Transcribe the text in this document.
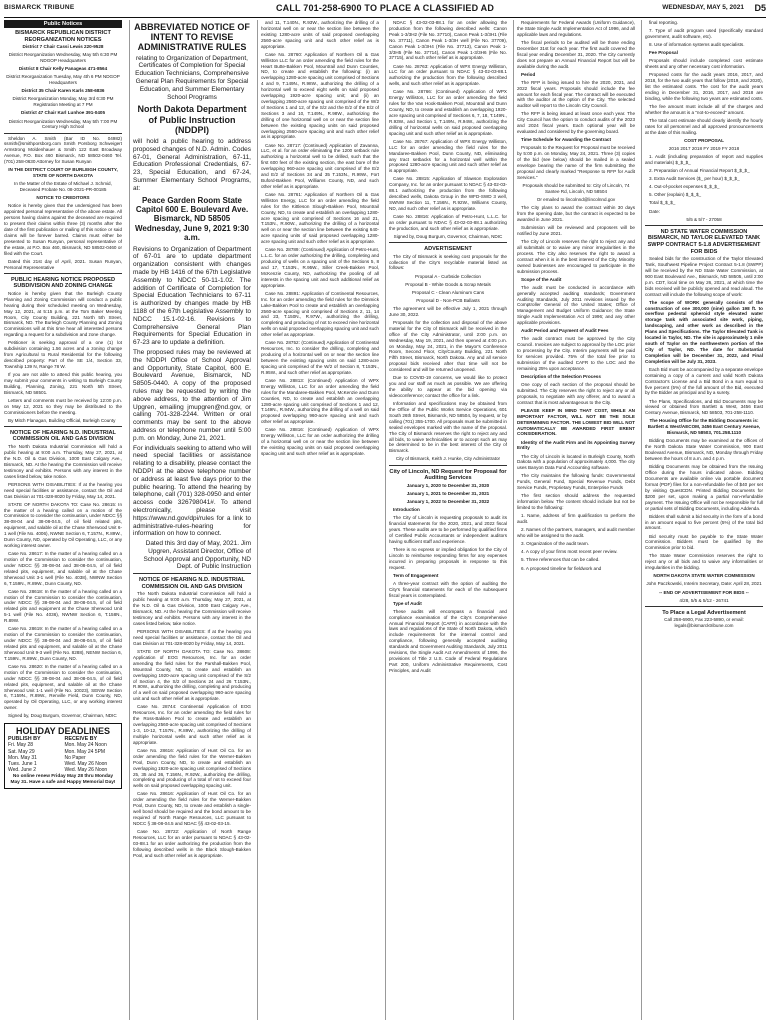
BISMARCK TRIBUNE	CALL 701-258-6900 TO PLACE A CLASSIFIED AD	WEDNESDAY, MAY 5, 2021 D5
Public Notices
BISMARCK REPUBLICAN DISTRICT REORGANIZATION NOTICES

District 7 Chair Cassi Lewis 220-9528

District Reorganization Wednesday, May 5th 6:30 PM NDGOP Headquarters

District 8 Chair Kelly Panageas 471-8564

District Reorganization Tuesday, May 4th 6 PM NDGOP Headquarters

District 35 Chair Karen Karls 258-6836

District Reorganization Monday, May 3rd 6:30 PM Registration Meeting at 7 PM

District 47 Chair Karl Lunhoe 391-0405

District Reorganization Wednesday, May 5th 7:00 PM Century High School

Sheldon A. Smith (Bar ID No. 04982) ssmith@smithporsborg.com Smith Porsborg Schweigert Armstrong Moldenhauer & Smith 122 East Broadway Avenue, P.O. Box 460 Bismarck, ND 58502-0460 Tel. (701) 258-0630 Attorney for Susan Runyan

IN THE DISTRICT COURT OF BURLEIGH COUNTY, STATE OF NORTH DAKOTA

In the Matter of the Estate of Michael J. Schmid, Deceased Probate No. 08-2021-PR-00185

NOTICE TO CREDITORS

Notice is hereby given that the undersigned has been appointed personal representative of the above estate. All persons having claims against the deceased are required to present their claims within three (3) months after the date of the first publication or mailing of this notice or said claims will be forever barred. Claims must either be presented to Susan Runyan, personal representative of the estate, at P.O. Box 460, Bismarck, ND 58502-0460 or filed with the Court.

Dated this 21st day of April, 2021. Susan Runyan, Personal Representative

PUBLIC HEARING NOTICE PROPOSED SUBDIVISION AND ZONING CHANGE

Notice is hereby given that the Burleigh County Planning and Zoning Commission will conduct a public hearing during their scheduled meeting on Wednesday, May 12, 2021, at 5:15 p.m. at the Tom Baker Meeting Room, City County Building, 221 North 5th Street, Bismarck, ND. The Burleigh County Planning and Zoning Commissions will at this time hear all interested persons regarding a request for a subdivision and zone change.

Petitioner is seeking approval of a one (1) lot subdivision containing 1.56 acres and a zoning change from Agricultural to Rural Residential for the following described property: Part of the SE 1/4, Section 33, Township 139 N, Range 78 W.

If you are not able to attend this public hearing, you may submit your comments in writing to Burleigh County Building, Planning, Zoning, 221 North 5th Street, Bismarck, ND 58501.

Letters and comments must be received by 12:00 p.m. on May 12, 2021 so they may be distributed to the Commissioners before the meeting.

By Mitch Flanagan, Building Official, Burleigh County

NOTICE OF HEARING N.D. INDUSTRIAL COMMISSION OIL AND GAS DIVISION

The North Dakota Industrial Commission will hold a public hearing at 9:00 a.m. Thursday, May 27, 2021, at the N.D. Oil & Gas Division, 1000 East Calgary Ave., Bismarck, ND. At the hearing the Commission will receive testimony and exhibits. Persons with any interest in the cases listed below, take notice.

PERSONS WITH DISABILITIES: If at the hearing you need special facilities or assistance, contact the Oil and Gas Division at 701-328-8020 by Friday, May 14, 2021.

STATE OF NORTH DAKOTA TO: Case No. 28615: In the matter of a hearing called on a motion of the Commission to consider the continuation, under NDCC §§ 38-08-04 and 38-08-04.5, of oil field related pits, equipment, and salable oil at the Chase Sherwood Unit 6-1 well (File No. 4006), NWNE Section 6, T.157N., R.89W., Dunn County, ND, operated by Oil Operating, LLC, or any working interest owner.

Case No. 28617: In the matter of a hearing called on a motion of the Commission to consider the continuation, under NDCC §§ 38-08-04 and 38-08-04.5, of oil field related pits, equipment, and salable oil at the Chase Sherwood Unit 3-1 well (File No. 4038), NWNW Section 6, T.159N., R.89W., Dunn County, ND.

Case No. 28618: In the matter of a hearing called on a motion of the Commission to consider the continuation, under NDCC §§ 38-08-04 and 38-08-04.5, of oil field related pits and equipment at the Chase Sherwood Unit 5-1 well (File No. 4036), NWNW Section 6, T.158N., R.89W.

Case No. 28619: In the matter of a hearing called on a motion of the Commission to consider the continuation, under NDCC §§ 38-08-04 and 38-08-04.5, of oil field related pits and equipment, and salable oil at the Chase Sherwood Unit 9-3 well (File No. 8288), NENW Section 6, T.159N., R.89W., Dunn County, ND.

Case No. 28620: In the matter of a hearing called on a motion of the Commission to consider the continuation, under NDCC §§ 38-08-04 and 38-08-04.5, of oil field related pits, equipment, and salable oil at the Chase Sherwood Unit 1-1 well (File No. 10023), SENW Section 6, T.159N., R.89W., Renville Field, Dunn County, ND, operated by Oil Operating, LLC, or any working interest owner.

Signed by, Doug Burgum, Governor, Chairman, NDIC

HOLIDAY DEADLINES
PUBLISH BY	RECEIVE BY
Fri. May 28	Mon. May 24 Noon
Sat. May 29	Mon. May 24 5PM
Mon. May 31	No Paper
Tues. June 1	Wed. May 26 Noon
Wed. June 2	Wed. May 26 Noon
No online renew Friday May 28 thru Monday May 31. Have a safe and Happy Memorial Day!
ABBREVIATED NOTICE OF INTENT TO REVISE ADMINISTRATIVE RULES
relating to Organization of Department, Certificates of Completion for Special Education Technicians, Comprehensive General Plan Requirements for Special Education, and Summer Elementary School Programs
North Dakota Department of Public Instruction (NDDPI)
will hold a public hearing to address proposed changes of N.D. Admin. Codes 67-01, General Administration, 67-11, Education Professional Credentials, 67-23, Special Education, and 67-24, Summer Elementary School Programs, at:
Peace Garden Room State Capitol 600 E. Boulevard Ave. Bismarck, ND 58505 Wednesday, June 9, 2021 9:30 a.m.
Revisions to Organization of Department of 67-01 are to update department organization consistent with changes made by HB 1416 of the 67th Legislative Assembly to NDCC 50-11-1.02. The addition of Certificate of Completion for Special Education Technicians to 67-11 is authorized by changes made by HB 1188 of the 67th Legislative Assembly to NDCC 15.1-02-16. Revisions to Comprehensive General Plan Requirements for Special Education in 67-23 are to update a definition.
The proposed rules may be reviewed at the NDDPI Office of School Approval and Opportunity, State Capitol, 600 E. Boulevard Avenue, Bismarck, ND 58505-0440. A copy of the proposed rules may be requested by writing the above address, to the attention of Jim Upgren, emailing jmupgren@nd.gov, or calling 701-328-2244. Written or oral comments may be sent to the above address or telephone number until 5:00 p.m. on Monday, June 21, 2021.
For individuals seeking to attend who will need special facilities or assistance relating to a disability, please contact the NDDPI at the above telephone number or address at least five days prior to the public hearing. To attend the hearing by telephone, call (701) 328-0950 and enter access code 326798041#. To attend electronically, please visit https://www.nd.gov/dpi/rules for a link to administrative-rules-hearing for information on how to connect.
Dated this 3rd day of May, 2021. Jim Upgren, Assistant Director, Office of School Approval and Opportunity, ND Dept. of Public Instruction
NOTICE OF HEARING N.D. INDUSTRIAL COMMISSION OIL AND GAS DIVISION

The North Dakota Industrial Commission will hold a public hearing at 9:00 a.m. Thursday, May 27, 2021, at the N.D. Oil & Gas Division, 1000 East Calgary Ave., Bismarck, ND. At the hearing the Commission will receive testimony and exhibits. Persons with any interest in the cases listed below, take notice.

PERSONS WITH DISABILITIES: If at the hearing you need special facilities or assistance, contact the Oil and Gas Division at 701-328-8020 by Friday, May 14, 2021.

STATE OF NORTH DAKOTA TO: Case No. 28608: Application of EOG Resources, Inc. for an order amending the field rules for the Parshall-Bakken Pool, Mountrail County, ND, to create and establish an overlapping 1920-acre spacing unit comprised of the S/2 of Section 4, the S/2 of Sections 24 and 26 T.153N., R.90W., authorizing the drilling, completing and producing of a well on said proposed overlapping 960-acre spacing unit and such other relief as is appropriate.

Case No. 28744: Continental Application of EOG Resources, Inc. for an order amending the field rules for the Ross-Bakken Pool to create and establish an overlapping 2560-acre spacing unit comprised of Sections 1-3, 10-12, T.157N., R.89W., authorizing the drilling of multiple horizontal wells and such other relief as is appropriate.

Case No. 28616: Application of Hunt Oil Co. for an order amending the field rules for the Werner-Bakken Pool, Dunn County, ND, to create and establish an overlapping 1920-acre spacing unit comprised of Sections 25, 35 and 36, T.156N., R.92W., authorizing the drilling, completing and producing of a total of not to exceed four wells on said proposed overlapping spacing unit.

Case No. 28616: Application of Hunt Oil Co. for an order amending the field rules for the Werner-Bakken Pool, Dunn County, ND, to create and establish a single-well bond should be required and the bond amount to be required of North Range Resources, LLC pursuant to NDCC § 38-08-04.5 and NDAC §§ 43-02-03-15.

Case No. 28722: Application of North Range Resources, LLC for an order pursuant to NDAC § 43-02-03-88.1 for an order authorizing the production from the following described wells in the Black Slough-Bakken Pool, and such other relief as is appropriate.

and 11, T.140N., R.93W., authorizing the drilling of a horizontal well on or near the section line between the existing 1280-acre units of said proposed overlapping 2560-acre spacing unit and such other relief as is appropriate.

Case No. 28760: Application of Northern Oil & Gas Williston LLC for an order amending the field rules for the Heart Butte-Bakken Pool, Mountrail and Dunn Counties, ND, to create and establish the following: (i) an overlapping 1280-acre spacing unit comprised of Sections 4 and 9, T.149N., R.98W., authorizing the drilling of a horizontal well to exceed eight wells on said proposed overlapping 1920-acre spacing unit; and (ii) an overlapping 2560-acre spacing unit comprised of the W/2 of Sections 1 and 12, of the S/2 and the E/2 of the E/2 of Sections 3 and 10, T.149N., R.98W., authorizing the drilling of one horizontal well on or near the section line between the existing spacing units on said proposed overlapping 2560-acre spacing unit and such other relief as is appropriate.

Case No. 28717: (Continued) Application of Zavanna, LLC, et al. for an order eliminating the 1200 setback rule authorizing a horizontal well to be drilled, such that the first 600 feet of the existing section, the east bore of the overlapping 960-acre spacing unit comprised of the E/2 and E/2 of Sections 34 and 35 T.153N., R.99W., Fort Buford-Bakken Pool, Williams County, ND, and such other relief as is appropriate.

Case No. 28761: Application of Northern Oil & Gas Williston Energy, LLC for an order amending the field rules for the Kittleson Slough-Bakken Pool, Mountrail County, ND, to create and establish an overlapping 1280-acre spacing unit comprised of Sections 16 and 21, T.153N., R.90W., authorizing the drilling of a horizontal well on or near the section line between the existing 640-acre spacing units of said proposed overlapping 1280-acre spacing unit and such other relief as is appropriate.

Case No. 28789: (Continued) Application of Petro-Hunt, L.L.C. for an order authorizing the drilling, completing and producing of wells on a spacing unit of the Sections 5, 8 and 17, T.153N., R.95W., Siller Creek-Bakken Pool, McKenzie County, ND, authorizing the pooling of all interests in the spacing unit and such additional relief as appropriate.

Case No. 28891: Application of Continental Resources, Inc. for an order amending the field rules for the Dimmick Lake-Bakken Pool to create and establish an overlapping 2560-acre spacing unit comprised of Sections 2, 11, 14 and 23, T.150N., R.97W., authorizing the drilling, completing and producing of not to exceed nine horizontal wells on said proposed overlapping spacing unit and such other relief as appropriate.

Case No. 28752: (Continued) Application of Continental Resources, Inc. to consider the drilling, completing and producing of a horizontal well on or near the section line between the existing spacing units on said 1280-acre spacing unit comprised of the W/2 of Section 8, T.153N., R.95W., and such other relief as appropriate.

Case No. 28813: (Continued) Application of WPX Energy Williston, LLC for an order amending the field rules for the Mandaree-Bakken Pool, McKenzie and Dunn Counties, ND, to create and establish an overlapping 1280-acre spacing unit comprised of Sections 1 and 12, T.149N., R.94W., authorizing the drilling of a well on said proposed overlapping 960-acre spacing unit and such other relief as appropriate.

Case No. 28816: (Continued) Application of WPX Energy Williston, LLC for an order authorizing the drilling of a horizontal well on or near the section line between the existing spacing units on said proposed overlapping spacing unit and such other relief as is appropriate.

NDAC § 43-02-03-88.1 for an order allowing the production from the following described wells: Canon Peak 1-3/3H2 (File No. 37710), Canon Peak 1-3/3H1 (File No. 37711), Canon Peak 1-3/3H well (File No. 37709), Canon Peak 1-3/3H4 (File No. 37713), Canon Peak 1-3/3H5 (File No. 37714), Canon Peak 1-3/3H6 (File No. 37715), and such other relief as is appropriate.

Case No. 28763: Application of WPX Energy Williston, LLC for an order pursuant to NDAC § 43-02-03-88.1 authorizing the production from the following described wells, and such other relief as is appropriate.

Case No. 28766: (Continued) Application of WPX Energy Williston, LLC for an order amending the field rules for the Van Hook-Bakken Pool, Mountrail and Dunn County, ND, to create and establish an overlapping 1920-acre spacing unit comprised of Sections 6, 7, 18, T.149N., R.93W., and Section 1, T.149N., R.94W., authorizing the drilling of horizontal wells on said proposed overlapping spacing unit and such other relief as is appropriate.

Case No. 28767: Application of WPX Energy Williston, LLC for an order amending the field rules for the Mandaree-Bakken Pool, Dunn County, ND, eliminating any tract setbacks for a horizontal well within the proposed 1280-acre spacing unit and such other relief as is appropriate.

Case No. 28815: Application of Slawson Exploration Company, Inc. for an order pursuant to NDAC § 43-02-03-88.1 authorizing the production from the following described wells, Dakota Group in the WFD-SWD 3 well, SWNW Section 11, T.156N., R.92W., Williams County, ND, and such other relief as is appropriate.

Case No. 28816: Application of Petro-Hunt, L.L.C. for an order pursuant to NDAC § 43-02-03-88.1 authorizing the production, and such other relief as is appropriate.

Signed by, Doug Burgum, Governor, Chairman, NDIC

ADVERTISEMENT

The City of Bismarck is seeking cost proposals for the collection of the City's recyclable material listed as follows:

Proposal A - Curbside Collection

Proposal B - White Goods & Scrap Metals

Proposal C - Clean Aluminum Cans

Proposal D - Non-PCB Ballasts

The agreement will be effective July 1, 2021 through June 30, 2022.

Proposals for the collection and disposal of the above material for the City of Bismarck will be received in the office of the City Administrator, until 2:00 p.m. on Wednesday, May 19, 2021, and then opened at 4:00 p.m. on Monday, May 24, 2021, in the Mayor's Conference Room, Second Floor, City/County Building, 221 North Fifth Street, Bismarck, North Dakota. Any and all service proposal bids received after that time will not be considered and will be returned unopened.

Due to COVID-19 concerns, we would like to protect you and our staff as much as possible. We are offering the ability to appear at the bid opening via videoconference; contact the office for a link.

Information and specifications may be obtained from the Office of the Public Works Service Operations, 601 South 26th Street, Bismarck, ND 58504, by request, or by calling (701) 355-1700. All proposals must be submitted in sealed envelopes marked with the name of the proposal. The City of Bismarck reserves the right to reject any and all bids, to waive technicalities or to accept such as may be determined to be in the best interest of the City of Bismarck.

City of Bismarck, Keith J. Hunke, City Administrator

City of Lincoln, ND Request for Proposal for Auditing Services

January 1, 2020 to December 31, 2020

January 1, 2021 to December 31, 2021

January 1, 2022 to December 31, 2022

Introduction

The City of Lincoln is requesting proposals to audit its financial statements for the 2020, 2021, and 2022 fiscal years. These audits are to be performed by qualified firms of Certified Public Accountants or independent auditors having sufficient staff and experience.

There is no express or implied obligation for the City of Lincoln to reimburse responding firms for any expenses incurred in preparing proposals in response to this request.

Term of Engagement

A three-year contract with the option of auditing the City's financial statements for each of the subsequent fiscal years is contemplated.

Type of Audit

These audits will encompass a financial and compliance examination of the City's Comprehensive Annual Financial Report (CAFR) in accordance with the laws and regulations of the State of North Dakota, which include requirements for the internal control and compliance, following generally accepted auditing standards and Government Auditing Standards, July 2011 revisions, the Single Audit Act Amendments of 1996, the provisions of Title 2 U.S. Code of Federal Regulations Part 200, Uniform Administrative Requirements, Cost Principles, and Audit

Requirements for Federal Awards (Uniform Guidance), the State Single Audit Implementation Act of 1996, and all applicable laws and regulations.

The fiscal periods to be audited will be those ending December 31st for each year. The first audit covered the fiscal year ending December 31, 2020. The City currently does not prepare an Annual Financial Report but will be available during the audit.

Period

The RFP is being issued to hire the 2020, 2021, and 2022 fiscal years. Proposals should include the fee amount for each fiscal year. The contract will be executed with the auditor at the option of the City. The selected auditor will report to the Lincoln City Council.

The RFP is being issued at least once each year. The City Council has the option to conduct audits of the 2023 and 2024 fiscal years. Each optional year will be evaluated and considered by the governing board.

Time Schedule for Awarding the Contract

Proposals to the Request for Proposal must be received by 5:00 p.m. on Monday, May 24, 2021. Three (3) copies of the bid (see below) should be mailed in a sealed envelope bearing the name of the firm submitting the proposal and clearly marked "Response to RFP for Audit Services."

Proposals should be submitted to: City of Lincoln, 74 Santee Rd, Lincoln, ND 58504

Or emailed to lincolnnd@lincolnnd.gov

The City plans to award the contract within 30 days from the opening date, but the contract is expected to be awarded in June 2021.

Submission will be reviewed and proposers will be notified by June 2021.

The City of Lincoln reserves the right to reject any and all submittals or to waive any minor irregularities in the process. The City also reserves the right to award a contract when it is in the best interest of the City. Minority owned businesses are encouraged to participate in the submission process.

Scope of the Audit

The audit must be conducted in accordance with generally accepted auditing standards; Government Auditing Standards, July 2011 revisions issued by the Comptroller General of the United States; Office of Management and Budget Uniform Guidance; the State Single Audit Implementation Act of 1996; and any other applicable provisions.

Audit Period and Payment of Audit Fees

The audit contract must be approved by the City Council. Invoices are subject to approval by the LOC prior to processing by the City. Interim payments will be paid for services provided. 75% of the total fee prior to submission of the audited CAFR to the LOC and the remaining 25% upon acceptance.

Description of the Selection Process

One copy of each section of the proposal should be submitted. The City reserves the right to reject any or all proposals, to negotiate with any offerer, and to award a contract that is most advantageous to the City.

PLEASE KEEP IN MIND THAT COST, WHILE AN IMPORTANT FACTOR, WILL NOT BE THE SOLE DETERMINING FACTOR. THE LOWEST BID WILL NOT AUTOMATICALLY BE AWARDED FIRST ERENT CONSIDERATION.

Identity of the Audit Firm and its Appointing Survey Entity

The City of Lincoln is located in Burleigh County, North Dakota with a population of approximately 4,000. The city uses Banyon Data Fund Accounting software.

The City maintains the following funds: Governmental Funds, General Fund, Special Revenue Funds, Debt Service Funds, Proprietary Funds, Enterprise Funds

The first section should address the requested information below. The content should include but not be limited to the following:

1. Name, address of firm qualification to perform the audit.

2. Names of the partners, managers, and audit member who will be assigned to the audit.

3. Organization of the audit team.

4. A copy of your firms most recent peer review.

5. Three references that can be called.

6. A proposed timeline for fieldwork and

final reporting.

7. Type of audit program used (specifically standard government, audit software, etc).

8. Use of information systems audit specialists.

Fee Proposal

Proposals should include completed cost estimate sheets and any other necessary cost information.

Proposed costs for the audit years 2016, 2017, and 2018, for the two audit years that follow (2019, and 2020), list the estimated costs. The cost for the audit years ending in December 31, 2016, 2017, and 2018 are binding, while the following two years are estimated costs.

The fee amount must include all of the charges and whether the amount is a "not-to-exceed" amount.

The total cost estimate should clearly identify the hourly rates for all personnel and all approved pronouncements at the date of this mailing.

COST PROPOSAL

2016 2017 2018 FY 2019 FY 2018

1. Audit (including preparation of report and supplies and materials) $_$_$_

2. Preparation of Annual Financial Report $_$_$_

3. Extra Audit Services ($_ per hour) $_$_$_

4. Out-of-pocket expenses $_$_$_

5. Other (explain) $_$_$_

Total $_$_$_

Date:

5/5 & 5/7 - 27058

ND STATE WATER COMMISSION BISMARCK, ND TAYLOR ELEVATED TANK SWPP CONTRACT 5-1.8 ADVERTISEMENT FOR BIDS

Sealed bids for the construction of the Taylor Elevated Tank, Southwest Pipeline Project Contract 5-1.8 (SWPP) will be received by the ND State Water Commission, at 900 East Boulevard Ave., Bismarck, ND 58505, until 2:00 p.m. CDT, local time on May 26, 2021, at which time the bids received will be publicly opened and read aloud. The contract will include the following scope of work:

The scope of WORK generally consists of the construction of one 300,000 (nine) gallon 198 ft. to overflow pedestal spheroid style elevated water storage tank with associated site work, piping, landscaping, and other work as described in the Plans and Specifications. The Taylor Elevated Tank is located in Taylor, ND. The site is approximately 1 mile south of Taylor on the northwestern portion of the City of Taylor, ND. The date for Substantial Completion will be December 31, 2022, and Final Completion will be July 31, 2023.

Each Bid must be accompanied by a separate envelope containing a copy of a current and valid North Dakota Contractor's License and a Bid Bond in a sum equal to five percent (5%) of the full amount of the Bid, executed by the Bidder as principal and by a surety.

The Plans, Specifications, and Bid Documents may be viewed or obtained from Bartlett & West, 3456 East Century Avenue, Bismarck, ND 58503, 701-258-1110.

The Housing Office for the Bidding Documents is: Bartlett & West/AECOM, 3456 East Century Avenue, Bismarck, ND 58503, 701.258.1110

Bidding Documents may be examined at the offices of the North Dakota State Water Commission, 900 East Boulevard Avenue, Bismarck, ND, Monday through Friday between the hours of 8 a.m. and 4 p.m.

Bidding Documents may be obtained from the Issuing Office during the hours indicated above. Bidding Documents are available online via portable document format (PDF) files for a non-refundable fee of $40 per set by visiting QuestCDN. Printed Bidding Documents for $200 per set, upon making a partial non-refundable payment. The Issuing Office will not be responsible for full or partial sets of Bidding Documents, including Addenda.

Bidders shall submit a bid security in the form of a bond in an amount equal to five percent (5%) of the total bid amount.

Bid security must be payable to the State Water Commission. Bidders must be qualified by the Commission prior to bid.

The State Water Commission reserves the right to reject any or all bids and to waive any informalities or irregularities in the bidding.

NORTH DAKOTA STATE WATER COMMISSION

John Paczkowski, Interim Secretary, Date: April 28, 2021

-- END OF ADVERTISEMENT FOR BIDS --

4/28, 5/5 & 5/12 - 26741

To Place a Legal Advertisement

Call 258-6900, Fax 223-5890, or email: legals@bismarcktribune.com
